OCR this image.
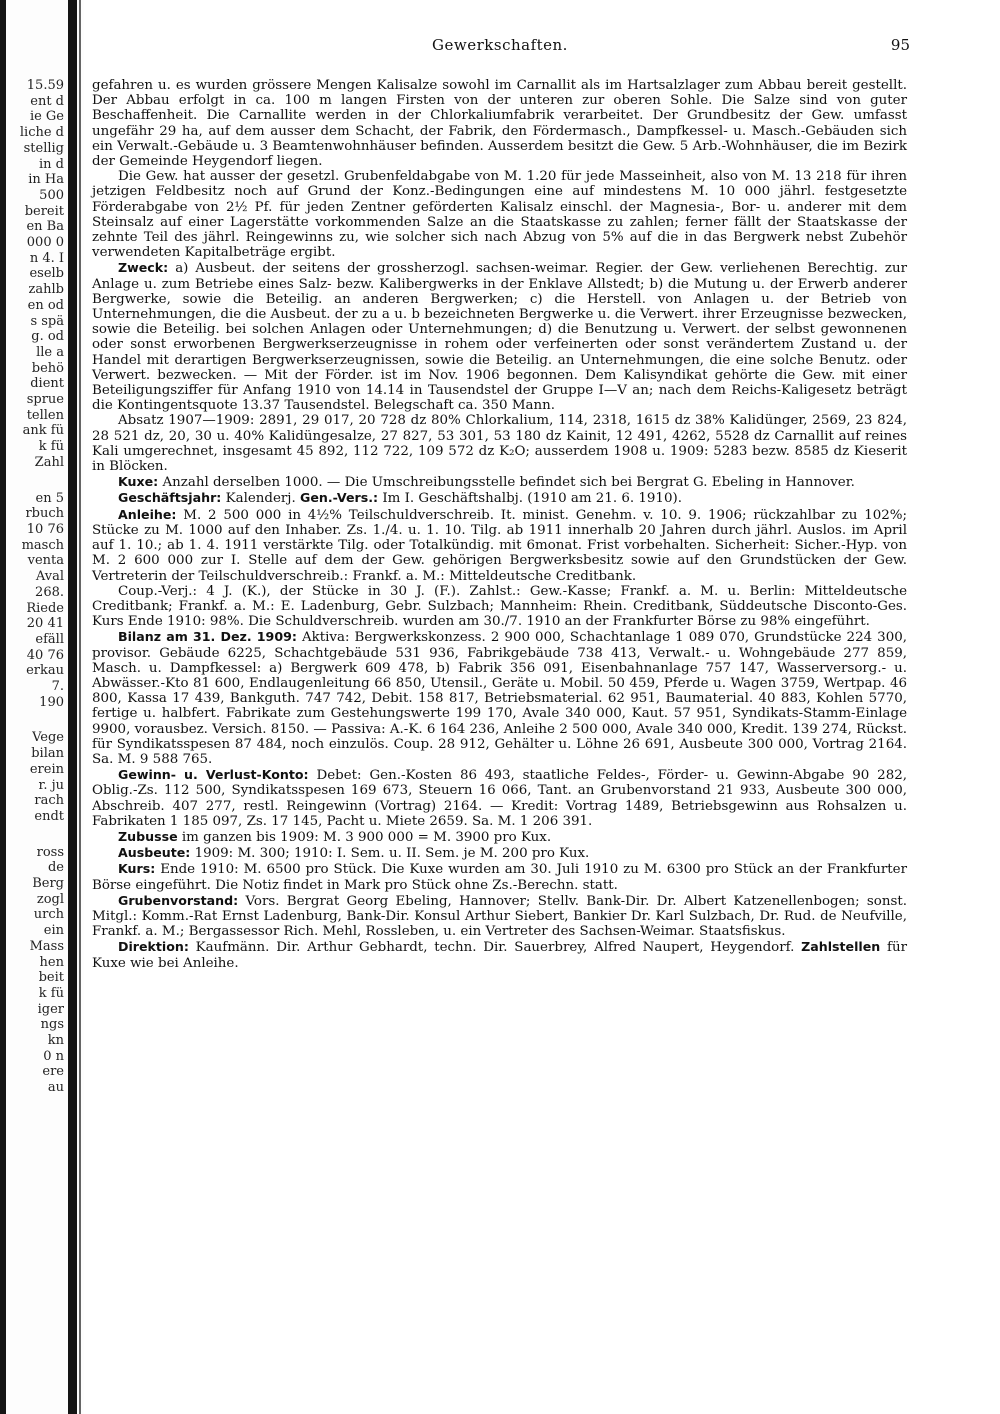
15.59
ent d
ie Ge
liche d
stellig
in d
in Ha
500
bereit
en Ba
000 0
n 4. I
eselb
zahlb
en od
s spä
g. od
lle a
behö
dient
sprue
tellen
ank fü
k fü
Zahl
en 5
rbuch
10 76
masch
venta
Aval
268.
Riede
20 41
efäll
40 76
erkau
7.
190
Vege
bilan
erein
r. ju
rach
endt
ross
de
Berg
zogl
urch
ein
Mass
hen
beit
k fü
iger
ngs
kn
0 n
ere
au
Gewerkschaften.	95

gefahren u. es wurden grössere Mengen Kalisalze sowohl im Carnallit als im Hartsalzlager zum Abbau bereit gestellt. Der Abbau erfolgt in ca. 100 m langen Firsten von der unteren zur oberen Sohle. Die Salze sind von guter Beschaffenheit. Die Carnallite werden in der Chlorkaliumfabrik verarbeitet. Der Grundbesitz der Gew. umfasst ungefähr 29 ha, auf dem ausser dem Schacht, der Fabrik, den Fördermasch., Dampfkessel- u. Masch.-Gebäuden sich ein Verwalt.-Gebäude u. 3 Beamtenwohnhäuser befinden. Ausserdem besitzt die Gew. 5 Arb.-Wohnhäuser, die im Bezirk der Gemeinde Heygendorf liegen.

Die Gew. hat ausser der gesetzl. Grubenfeldabgabe von M. 1.20 für jede Masseinheit, also von M. 13 218 für ihren jetzigen Feldbesitz noch auf Grund der Konz.-Bedingungen eine auf mindestens M. 10 000 jährl. festgesetzte Förderabgabe von 2½ Pf. für jeden Zentner geförderten Kalisalz einschl. der Magnesia-, Bor- u. anderer mit dem Steinsalz auf einer Lagerstätte vorkommenden Salze an die Staatskasse zu zahlen; ferner fällt der Staatskasse der zehnte Teil des jährl. Reingewinns zu, wie solcher sich nach Abzug von 5% auf die in das Bergwerk nebst Zubehör verwendeten Kapitalbeträge ergibt.

Zweck: a) Ausbeut. der seitens der grossherzogl. sachsen-weimar. Regier. der Gew. verliehenen Berechtig. zur Anlage u. zum Betriebe eines Salz- bezw. Kalibergwerks in der Enklave Allstedt; b) die Mutung u. der Erwerb anderer Bergwerke, sowie die Beteilig. an anderen Bergwerken; c) die Herstell. von Anlagen u. der Betrieb von Unternehmungen, die die Ausbeut. der zu a u. b bezeichneten Bergwerke u. die Verwert. ihrer Erzeugnisse bezwecken, sowie die Beteilig. bei solchen Anlagen oder Unternehmungen; d) die Benutzung u. Verwert. der selbst gewonnenen oder sonst erworbenen Bergwerkserzeugnisse in rohem oder verfeinerten oder sonst verändertem Zustand u. der Handel mit derartigen Bergwerkserzeugnissen, sowie die Beteilig. an Unternehmungen, die eine solche Benutz. oder Verwert. bezwecken. — Mit der Förder. ist im Nov. 1906 begonnen. Dem Kalisyndikat gehörte die Gew. mit einer Beteiligungsziffer für Anfang 1910 von 14.14 in Tausendstel der Gruppe I—V an; nach dem Reichs-Kaligesetz beträgt die Kontingentsquote 13.37 Tausendstel. Belegschaft ca. 350 Mann.

Absatz 1907—1909: 2891, 29 017, 20 728 dz 80% Chlorkalium, 114, 2318, 1615 dz 38% Kalidünger, 2569, 23 824, 28 521 dz, 20, 30 u. 40% Kalidüngesalze, 27 827, 53 301, 53 180 dz Kainit, 12 491, 4262, 5528 dz Carnallit auf reines Kali umgerechnet, insgesamt 45 892, 112 722, 109 572 dz K₂O; ausserdem 1908 u. 1909: 5283 bezw. 8585 dz Kieserit in Blöcken.

Kuxe: Anzahl derselben 1000. — Die Umschreibungsstelle befindet sich bei Bergrat G. Ebeling in Hannover.

Geschäftsjahr: Kalenderj. Gen.-Vers.: Im I. Geschäftshalbj. (1910 am 21. 6. 1910).

Anleihe: M. 2 500 000 in 4½% Teilschuldverschreib. It. minist. Genehm. v. 10. 9. 1906; rückzahlbar zu 102%; Stücke zu M. 1000 auf den Inhaber. Zs. 1./4. u. 1. 10. Tilg. ab 1911 innerhalb 20 Jahren durch jährl. Auslos. im April auf 1. 10.; ab 1. 4. 1911 verstärkte Tilg. oder Totalkündig. mit 6monat. Frist vorbehalten. Sicherheit: Sicher.-Hyp. von M. 2 600 000 zur I. Stelle auf dem der Gew. gehörigen Bergwerksbesitz sowie auf den Grundstücken der Gew. Vertreterin der Teilschuldverschreib.: Frankf. a. M.: Mitteldeutsche Creditbank.

Coup.-Verj.: 4 J. (K.), der Stücke in 30 J. (F.). Zahlst.: Gew.-Kasse; Frankf. a. M. u. Berlin: Mitteldeutsche Creditbank; Frankf. a. M.: E. Ladenburg, Gebr. Sulzbach; Mannheim: Rhein. Creditbank, Süddeutsche Disconto-Ges. Kurs Ende 1910: 98%. Die Schuldverschreib. wurden am 30./7. 1910 an der Frankfurter Börse zu 98% eingeführt.

Bilanz am 31. Dez. 1909: Aktiva: Bergwerkskonzess. 2 900 000, Schachtanlage 1 089 070, Grundstücke 224 300, provisor. Gebäude 6225, Schachtgebäude 531 936, Fabrikgebäude 738 413, Verwalt.- u. Wohngebäude 277 859, Masch. u. Dampfkessel: a) Bergwerk 609 478, b) Fabrik 356 091, Eisenbahnanlage 757 147, Wasserversorg.- u. Abwässer.-Kto 81 600, Endlaugenleitung 66 850, Utensil., Geräte u. Mobil. 50 459, Pferde u. Wagen 3759, Wertpap. 46 800, Kassa 17 439, Bankguth. 747 742, Debit. 158 817, Betriebsmaterial. 62 951, Baumaterial. 40 883, Kohlen 5770, fertige u. halbfert. Fabrikate zum Gestehungswerte 199 170, Avale 340 000, Kaut. 57 951, Syndikats-Stamm-Einlage 9900, vorausbez. Versich. 8150. — Passiva: A.-K. 6 164 236, Anleihe 2 500 000, Avale 340 000, Kredit. 139 274, Rückst. für Syndikatsspesen 87 484, noch einzulös. Coup. 28 912, Gehälter u. Löhne 26 691, Ausbeute 300 000, Vortrag 2164. Sa. M. 9 588 765.

Gewinn- u. Verlust-Konto: Debet: Gen.-Kosten 86 493, staatliche Feldes-, Förder- u. Gewinn-Abgabe 90 282, Oblig.-Zs. 112 500, Syndikatsspesen 169 673, Steuern 16 066, Tant. an Grubenvorstand 21 933, Ausbeute 300 000, Abschreib. 407 277, restl. Reingewinn (Vortrag) 2164. — Kredit: Vortrag 1489, Betriebsgewinn aus Rohsalzen u. Fabrikaten 1 185 097, Zs. 17 145, Pacht u. Miete 2659. Sa. M. 1 206 391.

Zubusse im ganzen bis 1909: M. 3 900 000 = M. 3900 pro Kux.

Ausbeute: 1909: M. 300; 1910: I. Sem. u. II. Sem. je M. 200 pro Kux.

Kurs: Ende 1910: M. 6500 pro Stück. Die Kuxe wurden am 30. Juli 1910 zu M. 6300 pro Stück an der Frankfurter Börse eingeführt. Die Notiz findet in Mark pro Stück ohne Zs.-Berechn. statt.

Grubenvorstand: Vors. Bergrat Georg Ebeling, Hannover; Stellv. Bank-Dir. Dr. Albert Katzenellenbogen; sonst. Mitgl.: Komm.-Rat Ernst Ladenburg, Bank-Dir. Konsul Arthur Siebert, Bankier Dr. Karl Sulzbach, Dr. Rud. de Neufville, Frankf. a. M.; Bergassessor Rich. Mehl, Rossleben, u. ein Vertreter des Sachsen-Weimar. Staatsfiskus.

Direktion: Kaufmänn. Dir. Arthur Gebhardt, techn. Dir. Sauerbrey, Alfred Naupert, Heygendorf. Zahlstellen für Kuxe wie bei Anleihe.
